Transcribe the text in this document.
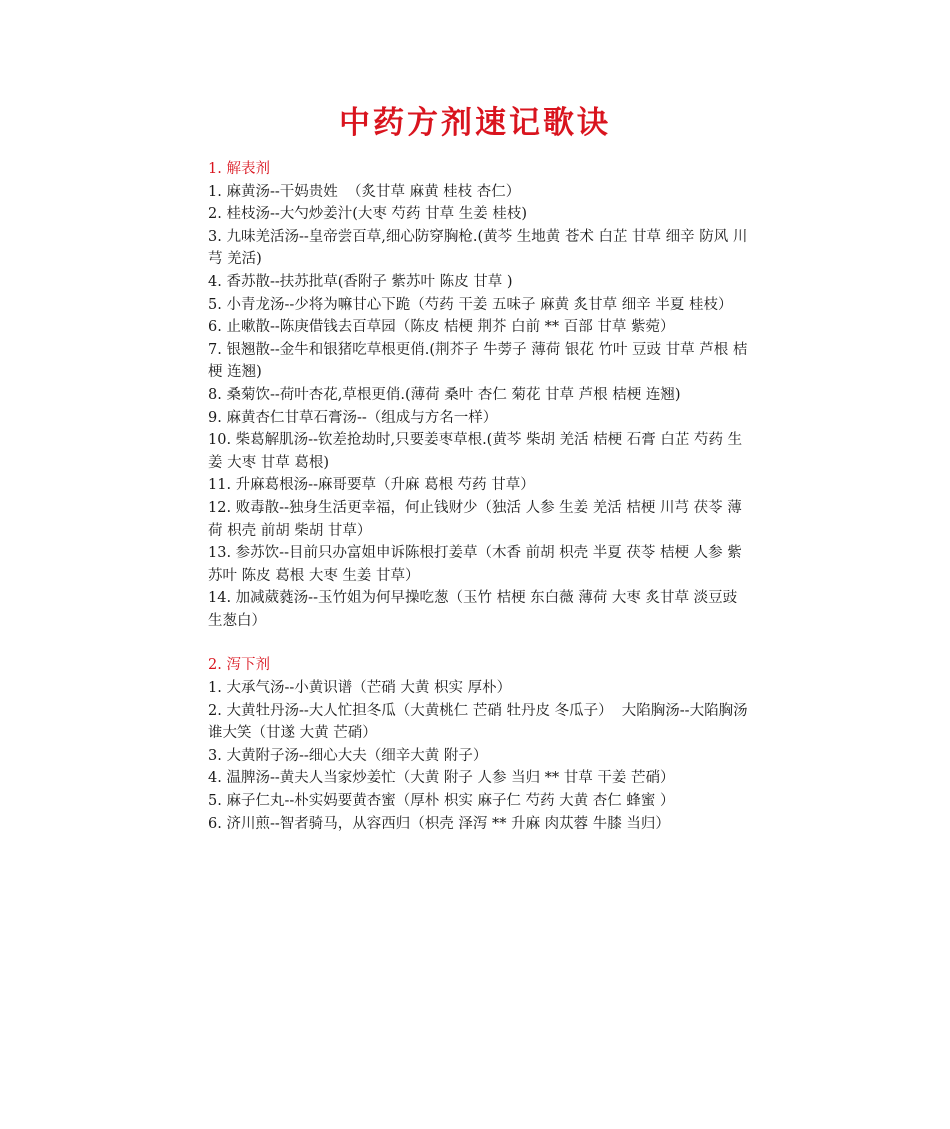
中药方剂速记歌诀
1. 解表剂

1. 麻黄汤--干妈贵姓  （炙甘草 麻黄 桂枝 杏仁）

2. 桂枝汤--大勺炒姜汁(大枣 芍药 甘草 生姜 桂枝)

3. 九味羌活汤--皇帝尝百草,细心防穿胸枪.(黄芩 生地黄 苍术 白芷 甘草 细辛 防风 川芎 羌活)

4. 香苏散--扶苏批草(香附子 紫苏叶 陈皮 甘草 )

5. 小青龙汤--少将为嘛甘心下跪（芍药 干姜 五味子 麻黄 炙甘草 细辛 半夏 桂枝）

6. 止嗽散--陈庚借钱去百草园（陈皮 桔梗 荆芥 白前 ** 百部 甘草 紫菀）

7. 银翘散--金牛和银猪吃草根更俏.(荆芥子 牛蒡子 薄荷 银花 竹叶 豆豉 甘草 芦根 桔梗 连翘)

8. 桑菊饮--荷叶杏花,草根更俏.(薄荷 桑叶 杏仁 菊花 甘草 芦根 桔梗 连翘)

9. 麻黄杏仁甘草石膏汤--（组成与方名一样）

10. 柴葛解肌汤--钦差抢劫时,只要姜枣草根.(黄芩 柴胡 羌活 桔梗 石膏 白芷 芍药 生姜 大枣 甘草 葛根)

11. 升麻葛根汤--麻哥要草（升麻 葛根 芍药 甘草）

12. 败毒散--独身生活更幸福，何止钱财少（独活 人参 生姜 羌活 桔梗 川芎 茯苓 薄荷 枳壳 前胡 柴胡 甘草）

13. 参苏饮--目前只办富姐申诉陈根打姜草（木香 前胡 枳壳 半夏 茯苓 桔梗 人参 紫苏叶 陈皮 葛根 大枣 生姜 甘草）

14. 加减葳蕤汤--玉竹姐为何早操吃葱（玉竹 桔梗 东白薇 薄荷 大枣 炙甘草 淡豆豉 生葱白）

2. 泻下剂

1. 大承气汤--小黄识谱（芒硝 大黄 枳实 厚朴）

2. 大黄牡丹汤--大人忙担冬瓜（大黄桃仁 芒硝 牡丹皮 冬瓜子）  大陷胸汤--大陷胸汤谁大笑（甘遂 大黄 芒硝）

3. 大黄附子汤--细心大夫（细辛大黄 附子）

4. 温脾汤--黄夫人当家炒姜忙（大黄 附子 人参 当归 ** 甘草 干姜 芒硝）

5. 麻子仁丸--朴实妈要黄杏蜜（厚朴 枳实 麻子仁 芍药 大黄 杏仁 蜂蜜 ）

6. 济川煎--智者骑马，从容西归（枳壳 泽泻 ** 升麻 肉苁蓉 牛膝 当归）
